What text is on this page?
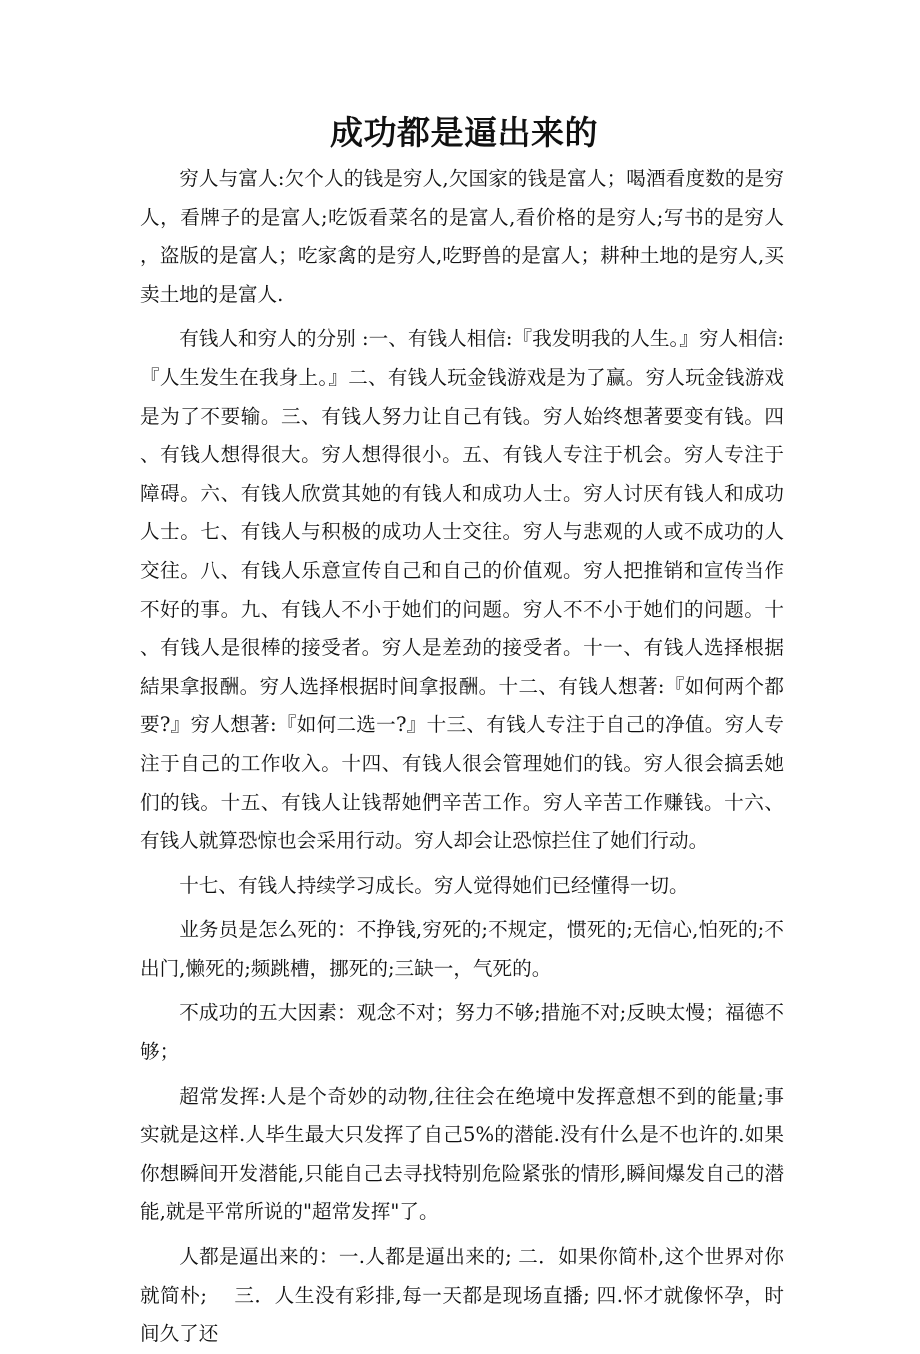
成功都是逼出来的

穷人与富人:欠个人的钱是穷人,欠国家的钱是富人；喝酒看度数的是穷人，看牌子的是富人;吃饭看菜名的是富人,看价格的是穷人;写书的是穷人，盗版的是富人；吃家禽的是穷人,吃野兽的是富人；耕种土地的是穷人,买卖土地的是富人.

有钱人和穷人的分别 :一、有钱人相信:『我发明我的人生。』穷人相信:『人生发生在我身上。』二、有钱人玩金钱游戏是为了赢。穷人玩金钱游戏是为了不要输。三、有钱人努力让自己有钱。穷人始终想著要变有钱。四、有钱人想得很大。穷人想得很小。五、有钱人专注于机会。穷人专注于障碍。六、有钱人欣赏其她的有钱人和成功人士。穷人讨厌有钱人和成功人士。七、有钱人与积极的成功人士交往。穷人与悲观的人或不成功的人交往。八、有钱人乐意宣传自己和自己的价值观。穷人把推销和宣传当作不好的事。九、有钱人不小于她们的问题。穷人不不小于她们的问题。十、有钱人是很棒的接受者。穷人是差劲的接受者。十一、有钱人选择根据結果拿报酬。穷人选择根据时间拿报酬。十二、有钱人想著:『如何两个都要?』穷人想著:『如何二选一?』十三、有钱人专注于自己的净值。穷人专注于自己的工作收入。十四、有钱人很会管理她们的钱。穷人很会搞丢她们的钱。十五、有钱人让钱帮她們辛苦工作。穷人辛苦工作赚钱。十六、有钱人就算恐惊也会采用行动。穷人却会让恐惊拦住了她们行动。

十七、有钱人持续学习成长。穷人觉得她们已经懂得一切。

业务员是怎么死的：不挣钱,穷死的;不规定，惯死的;无信心,怕死的;不出门,懒死的;频跳槽，挪死的;三缺一，气死的。

不成功的五大因素：观念不对；努力不够;措施不对;反映太慢；福德不够；

超常发挥:人是个奇妙的动物,往往会在绝境中发挥意想不到的能量;事实就是这样.人毕生最大只发挥了自己5%的潜能.没有什么是不也许的.如果你想瞬间开发潜能,只能自己去寻找特别危险紧张的情形,瞬间爆发自己的潜能,就是平常所说的"超常发挥"了。

人都是逼出来的：一.人都是逼出来的; 二．如果你简朴,这个世界对你就简朴;　 三．人生没有彩排,每一天都是现场直播; 四.怀才就像怀孕，时间久了还
